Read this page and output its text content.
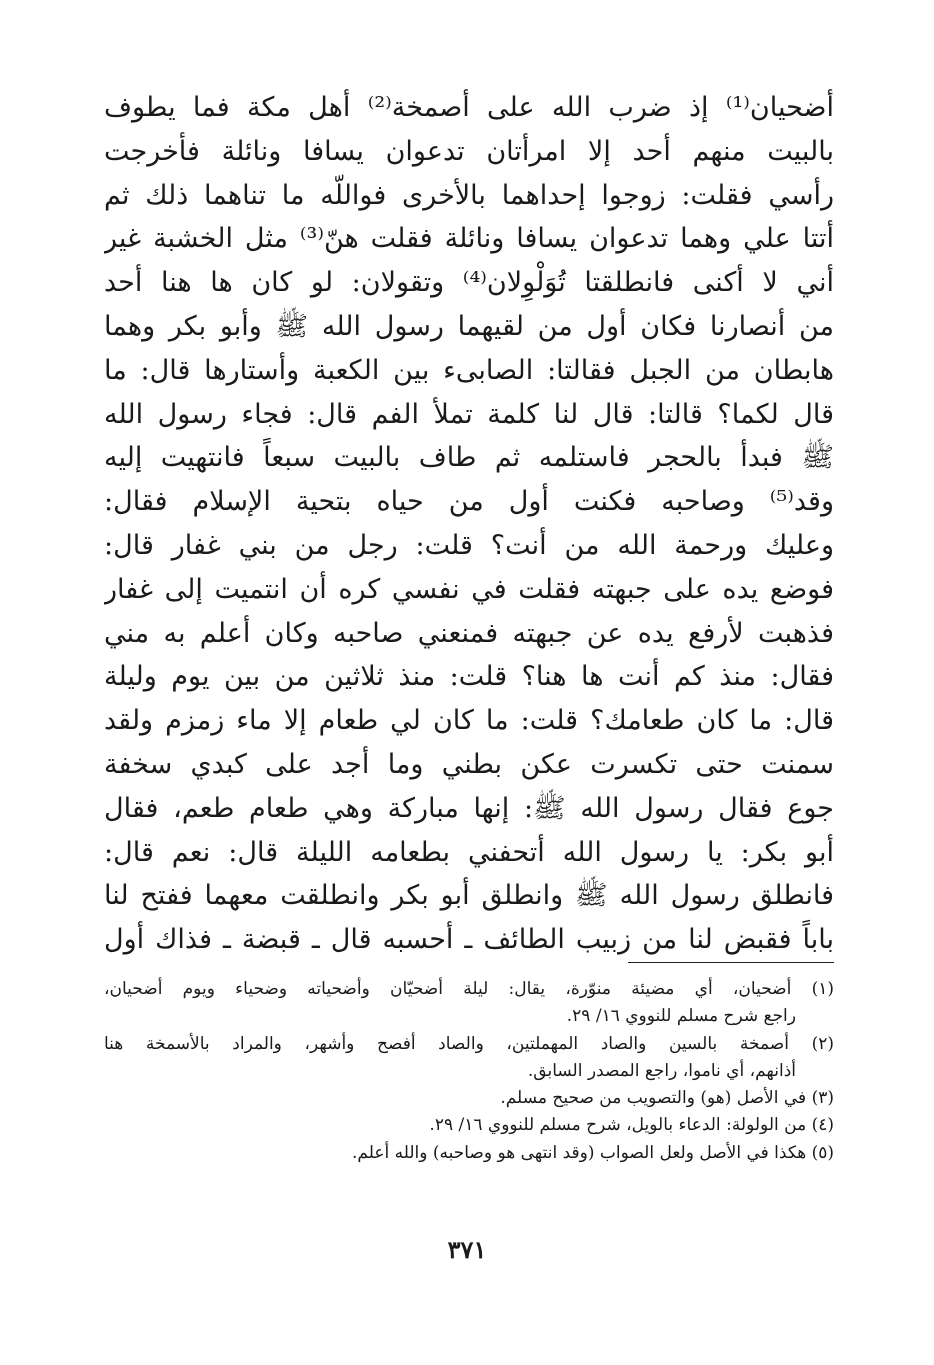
أضحيان⁽¹⁾ إذ ضرب الله على أصمخة⁽²⁾ أهل مكة فما يطوف
بالبيت منهم أحد إلا امرأتان تدعوان يسافا ونائلة فأخرجت
رأسي فقلت: زوجوا إحداهما بالأخرى فواللّه ما تناهما ذلك ثم
أتتا علي وهما تدعوان يسافا ونائلة فقلت هنّ⁽³⁾ مثل الخشبة غير
أني لا أكنى فانطلقتا تُوَلْوِلان⁽⁴⁾ وتقولان: لو كان ها هنا أحد
من أنصارنا فكان أول من لقيهما رسول الله ﷺ وأبو بكر وهما
هابطان من الجبل فقالتا: الصابىء بين الكعبة وأستارها قال: ما
قال لكما؟ قالتا: قال لنا كلمة تملأ الفم قال: فجاء رسول الله
ﷺ فبدأ بالحجر فاستلمه ثم طاف بالبيت سبعاً فانتهيت إليه
وقد⁽⁵⁾ وصاحبه فكنت أول من حياه بتحية الإسلام فقال:
وعليك ورحمة الله من أنت؟ قلت: رجل من بني غفار قال:
فوضع يده على جبهته فقلت في نفسي كره أن انتميت إلى غفار
فذهبت لأرفع يده عن جبهته فمنعني صاحبه وكان أعلم به مني
فقال: منذ كم أنت ها هنا؟ قلت: منذ ثلاثين من بين يوم وليلة
قال: ما كان طعامك؟ قلت: ما كان لي طعام إلا ماء زمزم ولقد
سمنت حتى تكسرت عكن بطني وما أجد على كبدي سخفة
جوع فقال رسول الله ﷺ: إنها مباركة وهي طعام طعم، فقال
أبو بكر: يا رسول الله أتحفني بطعامه الليلة قال: نعم قال:
فانطلق رسول الله ﷺ وانطلق أبو بكر وانطلقت معهما ففتح لنا
باباً فقبض لنا من زبيب الطائف ـ أحسبه قال ـ قبضة ـ فذاك أول
(١) أضحيان، أي مضيئة منوّرة، يقال: ليلة أضحيّان وأضحياته وضحياء ويوم أضحيان،
راجع شرح مسلم للنووي ١٦/ ٢٩.
(٢) أصمخة بالسين والصاد المهملتين، والصاد أفصح وأشهر، والمراد بالأسمخة هنا
أذانهم، أي ناموا، راجع المصدر السابق.
(٣) في الأصل (هو) والتصويب من صحيح مسلم.
(٤) من الولولة: الدعاء بالويل، شرح مسلم للنووي ١٦/ ٢٩.
(٥) هكذا في الأصل ولعل الصواب (وقد انتهى هو وصاحبه) والله أعلم.
٣٧١
